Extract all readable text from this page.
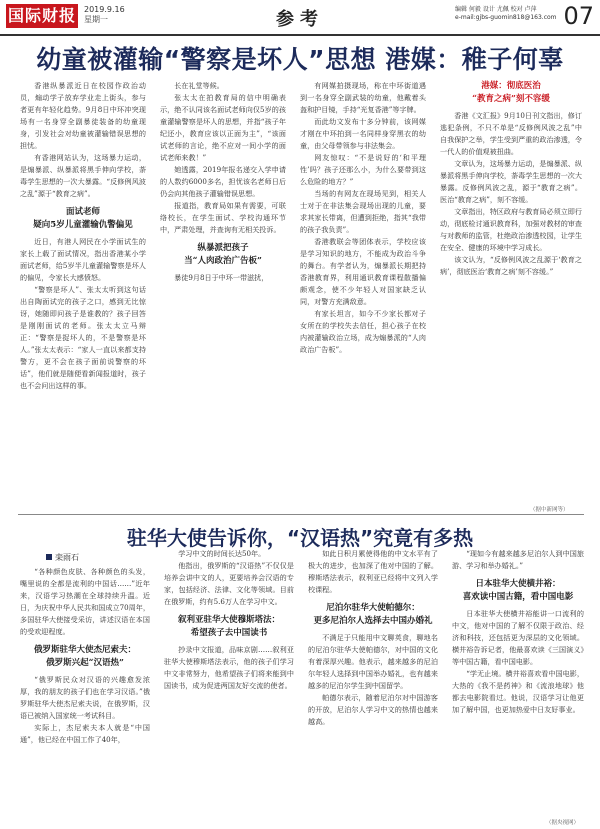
国际财报 2019.9.16
星期一	参考	编辑 何毅 设计 尤佩 校对 卢萍
e-mail:gjbs-guomin818@163.com 07
幼童被灌输“警察是坏人”思想 港媒：稚子何辜

香港纵暴派近日在校园作政治动员，煽动学子放弃学业走上街头，参与者更有年轻化趋势。9月8日中环冲突现场有一名身穿全副暴徒装备的幼童现身，引发社会对幼童被灌输错误思想的担忧。

有香港网站认为，这场暴力运动，是煽暴派、纵暴派将黑手伸向学校，荼毒学生思想的一次大暴露。“反修例风波之乱”源于“教育之病”。

面试老师
疑向5岁儿童灌输仇警偏见

近日，有港人网民在小学面试生的家长上载了面试情况，指出香港某小学面试老师，给5岁半儿童灌输警察是坏人的偏见，令家长大感愤怒。

“警察是坏人”、张太太听到这句话出自陶面试完的孩子之口，感到无比惊讶，她随即问孩子是谁教的？孩子回答是刚刚面试的老师。张太太立马辩正：“警察是捉坏人的，不是警察是坏人。”张太太表示：“家人一直以来都支持警方，更不会在孩子面前说警察的坏话”，他们就是随便看新闻报道时，孩子也不会问出这样的事。

长在礼堂等候。

张太太在拍教育局的信中明确表示，绝不认同该名面试老师向仅5岁的孩童灌输警察是坏人的思想，并指“孩子年纪还小，教育应该以正面为主”，“该面试老师的言论，绝不应对一间小学的面试老师来教！”

她透露，2019年报名递交入学申请的人数约6000多名，担忧该名老师日后仍会向其他孩子灌输错误思想。

报道指，教育局如果有需要，可联络校长，在学生面试、学校沟通环节中，严肃处理，并查询有无相关投诉。

纵暴派把孩子
当“人肉政治广告板”

暴徒9月8日于中环一带滋扰，

有网媒拍摄现场，称在中环街道遇到一名身穿全副武装的幼童，他戴着头盔和护目镜，手持“光复香港”等字牌。

而此幼文发布十多分钟前，该网媒才刚在中环拍到一名同样身穿黑衣的幼童，由父母带领参与非法集会。

网友惊叹：“不是说好的‘和平理性’吗？孩子还那么小，为什么要带到这么危险的地方？”

当场的有网友在现场见到，相关人士对于在非法集会现场出现的儿童，要求其家长带离，但遭到拒绝，指其“我带的孩子我负责”。

香港教联会等团体表示，学校应该是学习知识的地方，不能成为政治斗争的舞台。有学者认为，煽暴派长期把持香港教育界，利用通识教育课程散播偏颇观念，使不少年轻人对国家缺乏认同，对警方充满敌意。

有家长坦言，如今不少家长都对子女所在的学校失去信任，担心孩子在校内被灌输政治立场，成为煽暴派的“人肉政治广告板”。

港媒：彻底医治
“教育之病”刻不容缓

香港《文汇报》9月10日刊文指出，修订逃犯条例，不只不单是“反修例风波之乱”中自我保护之举，学生受到严重的政治渗透，令一代人的价值观被扭曲。

文章认为，这场暴力运动，是煽暴派、纵暴派将黑手伸向学校，荼毒学生思想的一次大暴露。反修例风波之乱，源于“教育之病”。医治“教育之病”，刻不容缓。

文章指出，特区政府与教育局必须立即行动，彻底检讨通识教育科，加强对教材的审查与对教师的监管，杜绝政治渗透校园，让学生在安全、健康的环境中学习成长。

该文认为，“反修例风波之乱源于‘教育之病’，彻底医治‘教育之病’刻不容缓。”

（据中新网等）
驻华大使告诉你，“汉语热”究竟有多热
栾雨石

“各种颜色皮肤、各种颜色的头发，嘴里说的全都是流利的中国话……”近年来，汉语学习热潮在全球持续升温。近日，为庆祝中华人民共和国成立70周年，多国驻华大使接受采访，讲述汉语在本国的受欢迎程度。

俄罗斯驻华大使杰尼索夫：
俄罗斯兴起“汉语热”

“俄罗斯民众对汉语的兴趣愈发浓厚，我的朋友的孩子们也在学习汉语。”俄罗斯驻华大使杰尼索夫说，在俄罗斯，汉语已被纳入国家统一考试科目。

实际上，杰尼索夫本人就是“中国通”，他已经在中国工作了40年，

学习中文的时间长达50年。

他指出，俄罗斯的“汉语热”不仅仅是培养会讲中文的人，更要培养会汉语的专家，包括经济、法律、文化等领域。目前在俄罗斯，约有5.6万人在学习中文。

叙利亚驻华大使穆斯塔法：
希望孩子去中国读书

抄录中文报道，品味京剧……叙利亚驻华大使穆斯塔法表示，他的孩子们学习中文非常努力，他希望孩子们将来能到中国读书，成为促进两国友好交流的使者。

如此日积月累使得他的中文水平有了极大的进步，也加深了他对中国的了解。穆斯塔法表示，叙利亚已经将中文列入学校课程。

尼泊尔驻华大使帕德尔：
更多尼泊尔人选择去中国办婚礼

不满足于只能用中文聊英食，聊地名的尼泊尔驻华大使帕德尔，对中国的文化有着深厚兴趣。他表示，越来越多的尼泊尔年轻人选择到中国举办婚礼，也有越来越多的尼泊尔学生到中国留学。

帕德尔表示，随着尼泊尔对中国游客的开放，尼泊尔人学习中文的热情也越来越高。

“现如今有越来越多尼泊尔人到中国旅游、学习和举办婚礼。”

日本驻华大使横井裕：
喜欢读中国古籍，看中国电影

日本驻华大使横井裕能讲一口流利的中文，他对中国的了解不仅限于政治、经济和科技，还包括更为深层的文化领域。横井裕告诉记者，他最喜欢读《三国演义》等中国古籍，看中国电影。

“学无止境。横井裕喜欢看中国电影，大热的《我不是药神》和《流浪地球》他都去电影院看过。他说，汉语学习让他更加了解中国，也更加热爱中日友好事业。

（据央视网）
